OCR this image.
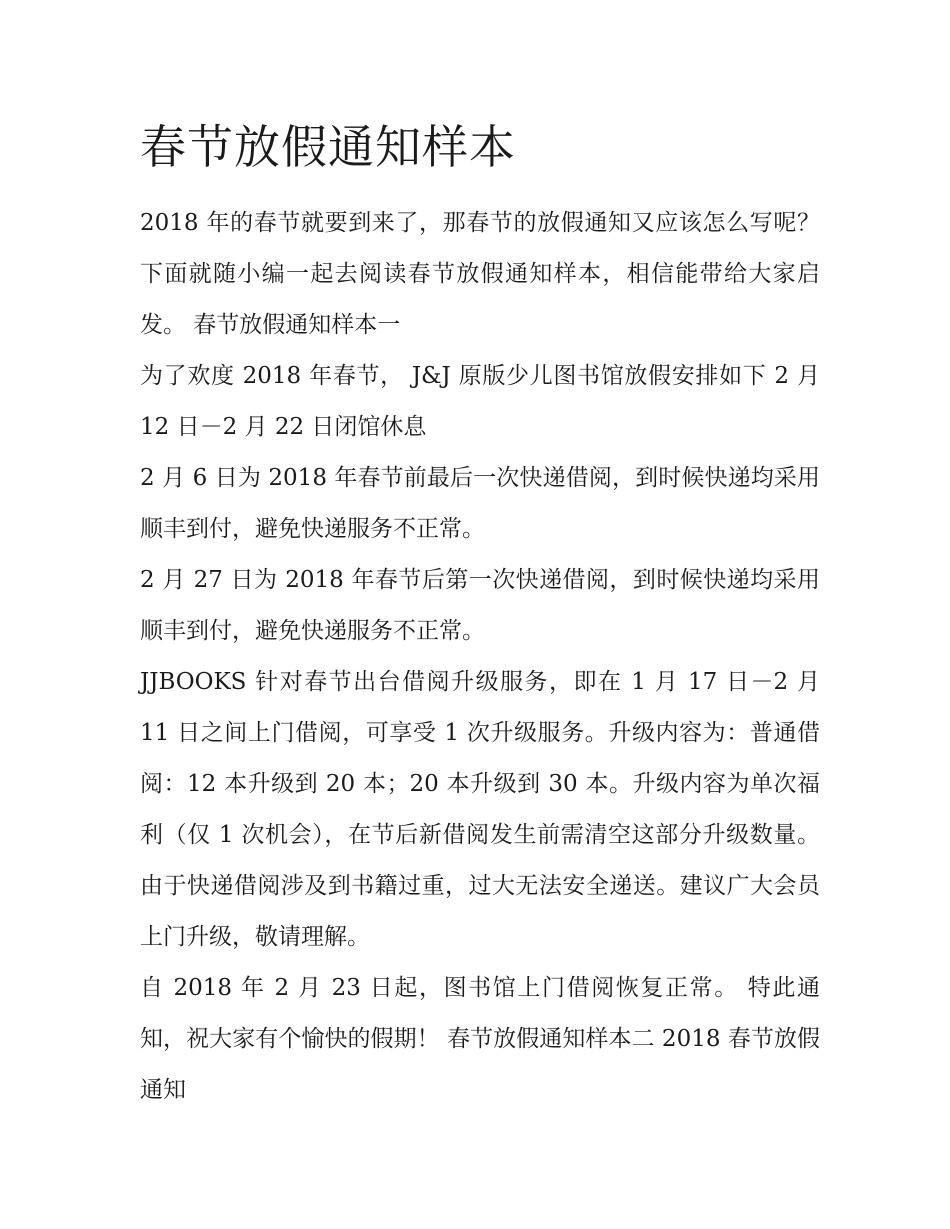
春节放假通知样本

2018 年的春节就要到来了，那春节的放假通知又应该怎么写呢？下面就随小编一起去阅读春节放假通知样本，相信能带给大家启发。 春节放假通知样本一

为了欢度 2018 年春节， J&J 原版少儿图书馆放假安排如下 2 月 12 日－2 月 22 日闭馆休息

2 月 6 日为 2018 年春节前最后一次快递借阅，到时候快递均采用顺丰到付，避免快递服务不正常。

2 月 27 日为 2018 年春节后第一次快递借阅，到时候快递均采用顺丰到付，避免快递服务不正常。

JJBOOKS 针对春节出台借阅升级服务，即在 1 月 17 日－2 月 11 日之间上门借阅，可享受 1 次升级服务。升级内容为：普通借阅：12 本升级到 20 本；20 本升级到 30 本。升级内容为单次福利（仅 1 次机会），在节后新借阅发生前需清空这部分升级数量。由于快递借阅涉及到书籍过重，过大无法安全递送。建议广大会员上门升级，敬请理解。

自 2018 年 2 月 23 日起，图书馆上门借阅恢复正常。 特此通知，祝大家有个愉快的假期！ 春节放假通知样本二 2018 春节放假通知
